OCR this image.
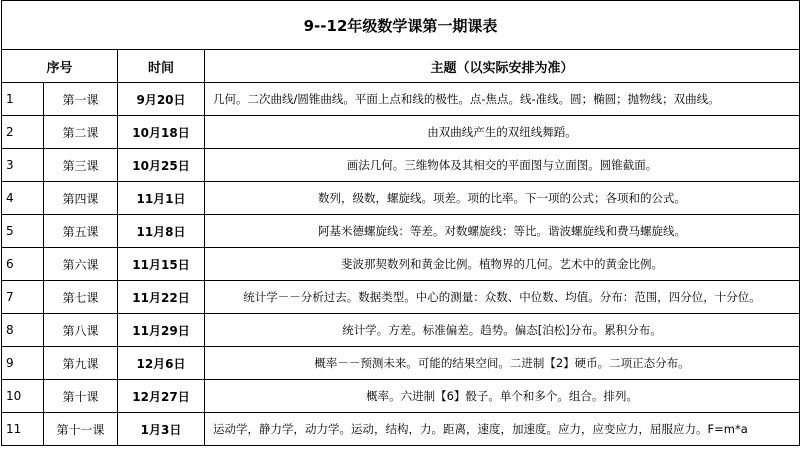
9--12年级数学课第一期课表			
序号		时间	主题（以实际安排为准）
1	第一课	9月20日	几何。二次曲线/圆锥曲线。平面上点和线的极性。点-焦点。线-准线。圆；椭圆；抛物线；双曲线。
2	第二课	10月18日	由双曲线产生的双纽线舞蹈。
3	第三课	10月25日	画法几何。三维物体及其相交的平面图与立面图。圆锥截面。
4	第四课	11月1日	数列，级数，螺旋线。项差。项的比率。下一项的公式；各项和的公式。
5	第五课	11月8日	阿基米德螺旋线：等差。对数螺旋线：等比。谐波螺旋线和费马螺旋线。
6	第六课	11月15日	斐波那契数列和黄金比例。植物界的几何。艺术中的黄金比例。
7	第七课	11月22日	统计学－－分析过去。数据类型。中心的测量：众数、中位数、均值。分布：范围，四分位，十分位。
8	第八课	11月29日	统计学。方差。标准偏差。趋势。偏态[泊松]分布。累积分布。
9	第九课	12月6日	概率－－预测未来。可能的结果空间。二进制【2】硬币。二项正态分布。
10	第十课	12月27日	概率。六进制【6】骰子。单个和多个。组合。排列。
11	第十一课	1月3日	运动学，静力学，动力学。运动，结构，力。距离，速度，加速度。应力，应变应力，屈服应力。F=m*a
